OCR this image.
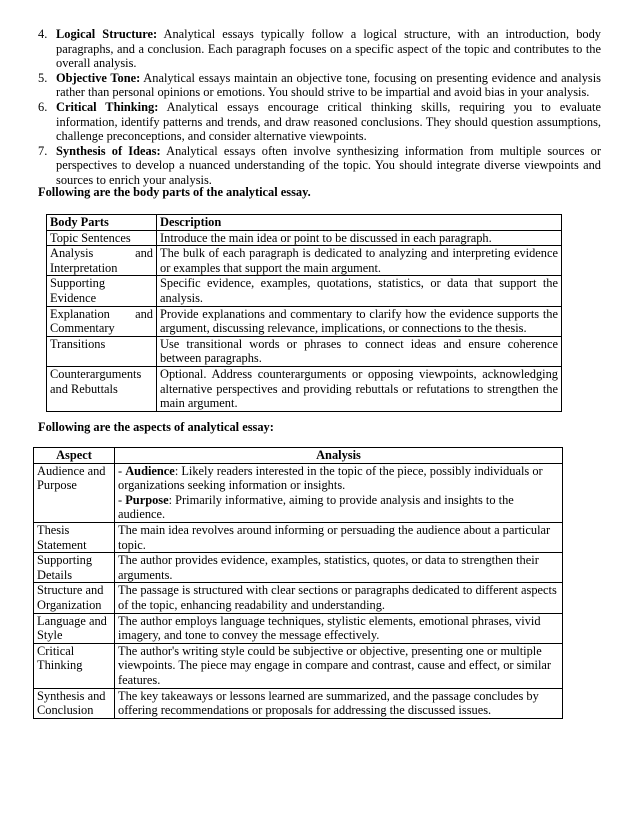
4. Logical Structure: Analytical essays typically follow a logical structure, with an introduction, body paragraphs, and a conclusion. Each paragraph focuses on a specific aspect of the topic and contributes to the overall analysis.
5. Objective Tone: Analytical essays maintain an objective tone, focusing on presenting evidence and analysis rather than personal opinions or emotions. You should strive to be impartial and avoid bias in your analysis.
6. Critical Thinking: Analytical essays encourage critical thinking skills, requiring you to evaluate information, identify patterns and trends, and draw reasoned conclusions. They should question assumptions, challenge preconceptions, and consider alternative viewpoints.
7. Synthesis of Ideas: Analytical essays often involve synthesizing information from multiple sources or perspectives to develop a nuanced understanding of the topic. You should integrate diverse viewpoints and sources to enrich your analysis.

Following are the body parts of the analytical essay.

Body Parts	Description
Topic Sentences	Introduce the main idea or point to be discussed in each paragraph.
Analysis and Interpretation	The bulk of each paragraph is dedicated to analyzing and interpreting evidence or examples that support the main argument.
Supporting Evidence	Specific evidence, examples, quotations, statistics, or data that support the analysis.
Explanation and Commentary	Provide explanations and commentary to clarify how the evidence supports the argument, discussing relevance, implications, or connections to the thesis.
Transitions	Use transitional words or phrases to connect ideas and ensure coherence between paragraphs.
Counterarguments and Rebuttals	Optional. Address counterarguments or opposing viewpoints, acknowledging alternative perspectives and providing rebuttals or refutations to strengthen the main argument.

Following are the aspects of analytical essay:

Aspect	Analysis
Audience and Purpose	- Audience: Likely readers interested in the topic of the piece, possibly individuals or organizations seeking information or insights.
- Purpose: Primarily informative, aiming to provide analysis and insights to the audience.

Thesis Statement	The main idea revolves around informing or persuading the audience about a particular topic.
Supporting Details	The author provides evidence, examples, statistics, quotes, or data to strengthen their arguments.
Structure and Organization	The passage is structured with clear sections or paragraphs dedicated to different aspects of the topic, enhancing readability and understanding.
Language and Style	The author employs language techniques, stylistic elements, emotional phrases, vivid imagery, and tone to convey the message effectively.
Critical Thinking	The author's writing style could be subjective or objective, presenting one or multiple viewpoints. The piece may engage in compare and contrast, cause and effect, or similar features.
Synthesis and Conclusion	The key takeaways or lessons learned are summarized, and the passage concludes by offering recommendations or proposals for addressing the discussed issues.
